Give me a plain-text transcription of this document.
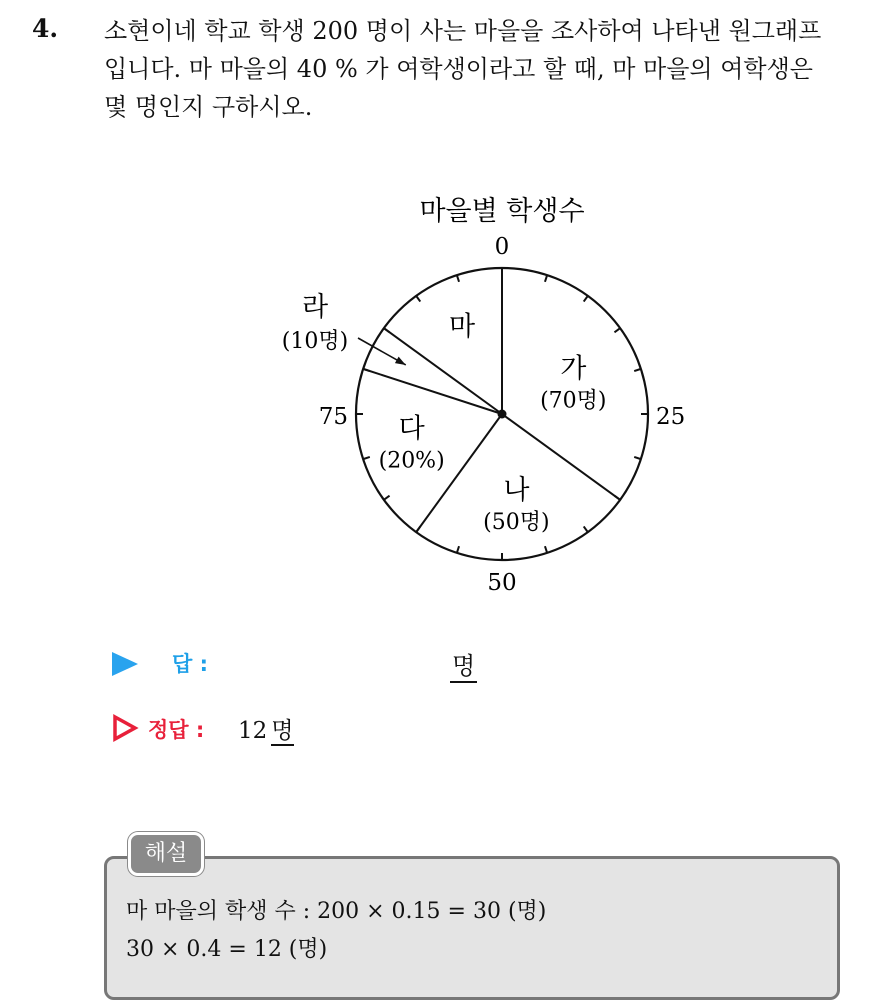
4. 소현이네 학교 학생 200 명이 사는 마을을 조사하여 나타낸 원그래프

입니다. 마 마을의 40 % 가 여학생이라고 할 때, 마 마을의 여학생은

몇 명인지 구하시오.

마을별 학생수
0
25
50
75
가
(70명)
나
(50명)
다
(20%)
마
라
(10명)
답 :	명
정답 : 12 명
해설
마 마을의 학생 수 : 200 × 0.15 = 30 (명)
30 × 0.4 = 12 (명)
